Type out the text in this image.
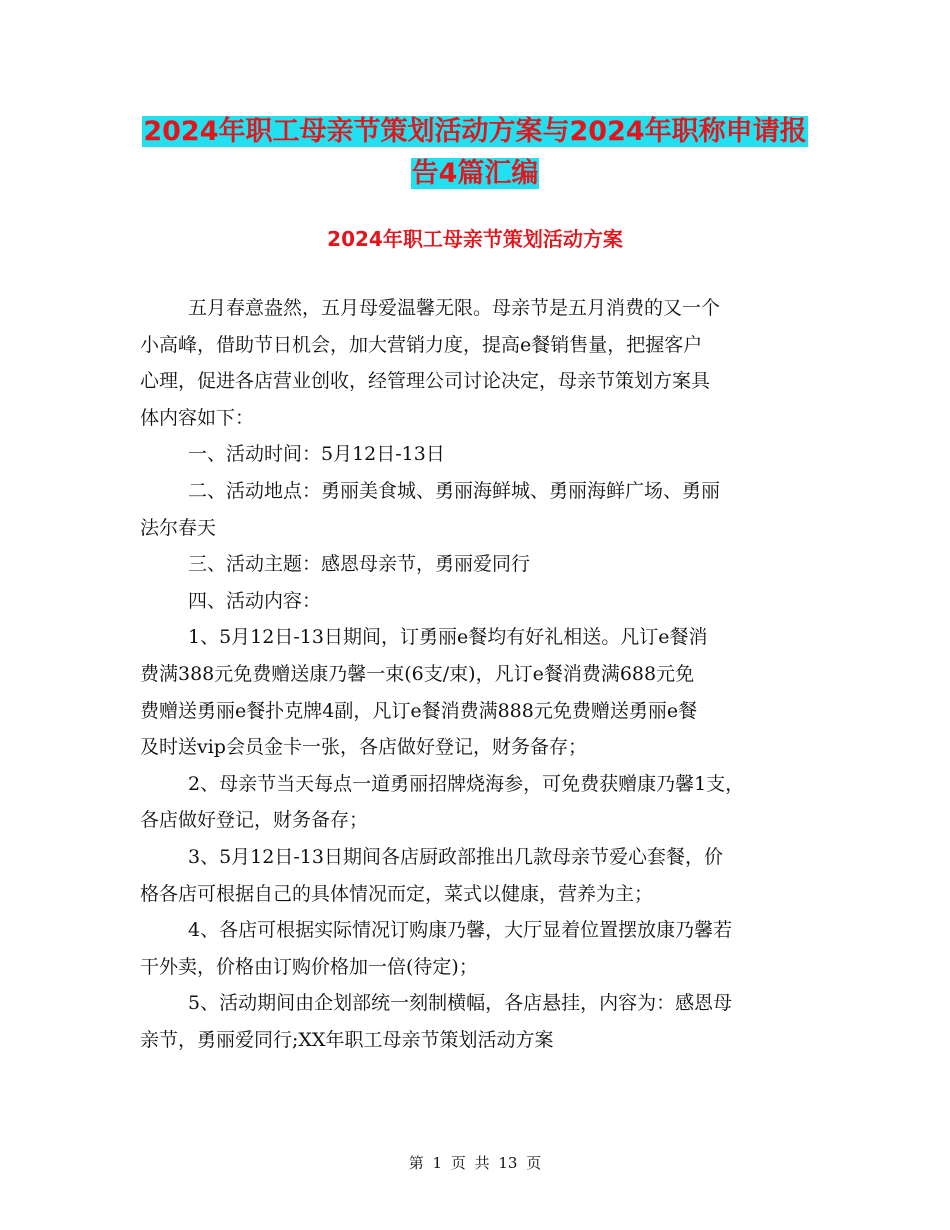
2024年职工母亲节策划活动方案与2024年职称申请报
告4篇汇编
2024年职工母亲节策划活动方案

五月春意盎然，五月母爱温馨无限。母亲节是五月消费的又一个

小高峰，借助节日机会，加大营销力度，提高e餐销售量，把握客户

心理，促进各店营业创收，经管理公司讨论决定，母亲节策划方案具

体内容如下：

一、活动时间：5月12日-13日

二、活动地点：勇丽美食城、勇丽海鲜城、勇丽海鲜广场、勇丽

法尔春天

三、活动主题：感恩母亲节，勇丽爱同行

四、活动内容：

1、5月12日-13日期间，订勇丽e餐均有好礼相送。凡订e餐消

费满388元免费赠送康乃馨一束(6支/束)，凡订e餐消费满688元免

费赠送勇丽e餐扑克牌4副，凡订e餐消费满888元免费赠送勇丽e餐

及时送vip会员金卡一张，各店做好登记，财务备存；

2、母亲节当天每点一道勇丽招牌烧海参，可免费获赠康乃馨1支，

各店做好登记，财务备存；

3、5月12日-13日期间各店厨政部推出几款母亲节爱心套餐，价

格各店可根据自己的具体情况而定，菜式以健康，营养为主；

4、各店可根据实际情况订购康乃馨，大厅显着位置摆放康乃馨若

干外卖，价格由订购价格加一倍(待定)；

5、活动期间由企划部统一刻制横幅，各店悬挂，内容为：感恩母

亲节，勇丽爱同行;XX年职工母亲节策划活动方案

第 1 页 共 13 页
